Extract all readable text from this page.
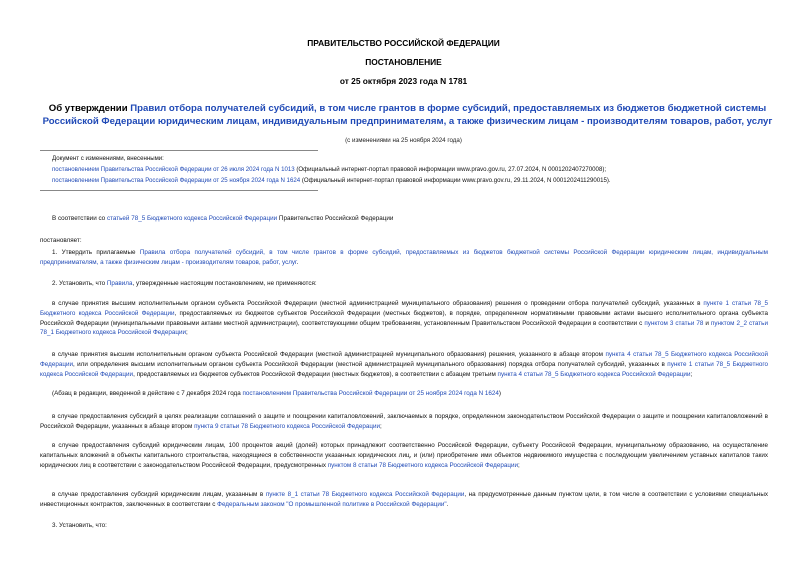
ПРАВИТЕЛЬСТВО РОССИЙСКОЙ ФЕДЕРАЦИИ
ПОСТАНОВЛЕНИЕ
от 25 октября 2023 года N 1781
Об утверждении Правил отбора получателей субсидий, в том числе грантов в форме субсидий, предоставляемых из бюджетов бюджетной системы Российской Федерации юридическим лицам, индивидуальным предпринимателям, а также физическим лицам - производителям товаров, работ, услуг
(с изменениями на 25 ноября 2024 года)
Документ с изменениями, внесенными:
постановлением Правительства Российской Федерации от 26 июля 2024 года N 1013 (Официальный интернет-портал правовой информации www.pravo.gov.ru, 27.07.2024, N 0001202407270008);
постановлением Правительства Российской Федерации от 25 ноября 2024 года N 1624 (Официальный интернет-портал правовой информации www.pravo.gov.ru, 29.11.2024, N 0001202411290015).
В соответствии со статьей 78_5 Бюджетного кодекса Российской Федерации Правительство Российской Федерации
постановляет:
1. Утвердить прилагаемые Правила отбора получателей субсидий, в том числе грантов в форме субсидий, предоставляемых из бюджетов бюджетной системы Российской Федерации юридическим лицам, индивидуальным предпринимателям, а также физическим лицам - производителям товаров, работ, услуг.
2. Установить, что Правила, утвержденные настоящим постановлением, не применяются:
в случае принятия высшим исполнительным органом субъекта Российской Федерации (местной администрацией муниципального образования) решения о проведении отбора получателей субсидий, указанных в пункте 1 статьи 78_5 Бюджетного кодекса Российской Федерации, предоставляемых из бюджетов субъектов Российской Федерации (местных бюджетов), в порядке, определенном нормативными правовыми актами высшего исполнительного органа субъекта Российской Федерации (муниципальными правовыми актами местной администрации), соответствующими общим требованиям, установленным Правительством Российской Федерации в соответствии с пунктом 3 статьи 78 и пунктом 2_2 статьи 78_1 Бюджетного кодекса Российской Федерации;
в случае принятия высшим исполнительным органом субъекта Российской Федерации (местной администрацией муниципального образования) решения, указанного в абзаце втором пункта 4 статьи 78_5 Бюджетного кодекса Российской Федерации, или определения высшим исполнительным органом субъекта Российской Федерации (местной администрацией муниципального образования) порядка отбора получателей субсидий, указанных в пункте 1 статьи 78_5 Бюджетного кодекса Российской Федерации, предоставляемых из бюджетов субъектов Российской Федерации (местных бюджетов), в соответствии с абзацем третьим пункта 4 статьи 78_5 Бюджетного кодекса Российской Федерации;
(Абзац в редакции, введенной в действие с 7 декабря 2024 года постановлением Правительства Российской Федерации от 25 ноября 2024 года N 1624)
в случае предоставления субсидий в целях реализации соглашений о защите и поощрении капиталовложений, заключаемых в порядке, определенном законодательством Российской Федерации о защите и поощрении капиталовложений в Российской Федерации, указанных в абзаце втором пункта 9 статьи 78 Бюджетного кодекса Российской Федерации;
в случае предоставления субсидий юридическим лицам, 100 процентов акций (долей) которых принадлежит соответственно Российской Федерации, субъекту Российской Федерации, муниципальному образованию, на осуществление капитальных вложений в объекты капитального строительства, находящиеся в собственности указанных юридических лиц, и (или) приобретение ими объектов недвижимого имущества с последующим увеличением уставных капиталов таких юридических лиц в соответствии с законодательством Российской Федерации, предусмотренных пунктом 8 статьи 78 Бюджетного кодекса Российской Федерации;
в случае предоставления субсидий юридическим лицам, указанным в пункте 8_1 статьи 78 Бюджетного кодекса Российской Федерации, на предусмотренные данным пунктом цели, в том числе в соответствии с условиями специальных инвестиционных контрактов, заключенных в соответствии с Федеральным законом "О промышленной политике в Российской Федерации".
3. Установить, что:
